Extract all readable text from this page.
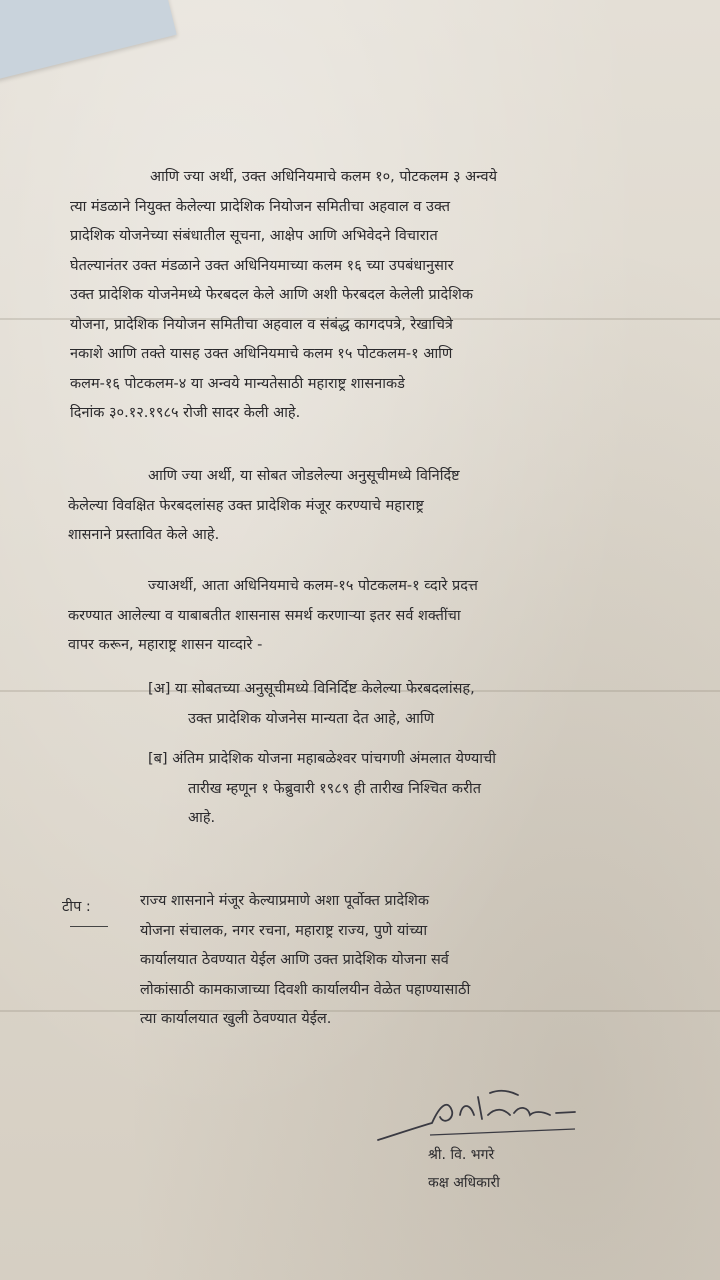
आणि ज्या अर्थी, उक्त अधिनियमाचे कलम १०, पोटकलम ३ अन्वये
त्या मंडळाने नियुक्त केलेल्या प्रादेशिक नियोजन समितीचा अहवाल व उक्त
प्रादेशिक योजनेच्या संबंधातील सूचना, आक्षेप आणि अभिवेदने विचारात
घेतल्यानंतर उक्त मंडळाने उक्त अधिनियमाच्या कलम १६ च्या उपबंधानुसार
उक्त प्रादेशिक योजनेमध्ये फेरबदल केले आणि अशी फेरबदल केलेली प्रादेशिक
योजना, प्रादेशिक नियोजन समितीचा अहवाल व संबंद्ध कागदपत्रे, रेखाचित्रे
नकाशे आणि तक्ते यासह उक्त अधिनियमाचे कलम १५ पोटकलम-१ आणि
कलम-१६ पोटकलम-४ या अन्वये मान्यतेसाठी महाराष्ट्र शासनाकडे
दिनांक ३०.१२.१९८५ रोजी सादर केली आहे.
आणि ज्या अर्थी, या सोबत जोडलेल्या अनुसूचीमध्ये विनिर्दिष्ट
केलेल्या विवक्षित फेरबदलांसह उक्त प्रादेशिक मंजूर करण्याचे महाराष्ट्र
शासनाने प्रस्तावित केले आहे.
ज्याअर्थी, आता अधिनियमाचे कलम-१५ पोटकलम-१ व्दारे प्रदत्त
करण्यात आलेल्या व याबाबतीत शासनास समर्थ करणाऱ्या इतर सर्व शक्तींचा
वापर करून, महाराष्ट्र शासन याव्दारे -
[अ] या सोबतच्या अनुसूचीमध्ये विनिर्दिष्ट केलेल्या फेरबदलांसह,
उक्त प्रादेशिक योजनेस मान्यता देत आहे, आणि
[ब] अंतिम प्रादेशिक योजना महाबळेश्वर पांचगणी अंमलात येण्याची
तारीख म्हणून १ फेब्रुवारी १९८९ ही तारीख निश्चित करीत
आहे.
टीप :	राज्य शासनाने मंजूर केल्याप्रमाणे अशा पूर्वोक्त प्रादेशिक
योजना संचालक, नगर रचना, महाराष्ट्र राज्य, पुणे यांच्या
कार्यालयात ठेवण्यात येईल आणि उक्त प्रादेशिक योजना सर्व
लोकांसाठी कामकाजाच्या दिवशी कार्यालयीन वेळेत पहाण्यासाठी
त्या कार्यालयात खुली ठेवण्यात येईल.
श्री. वि. भगरे
कक्ष अधिकारी
